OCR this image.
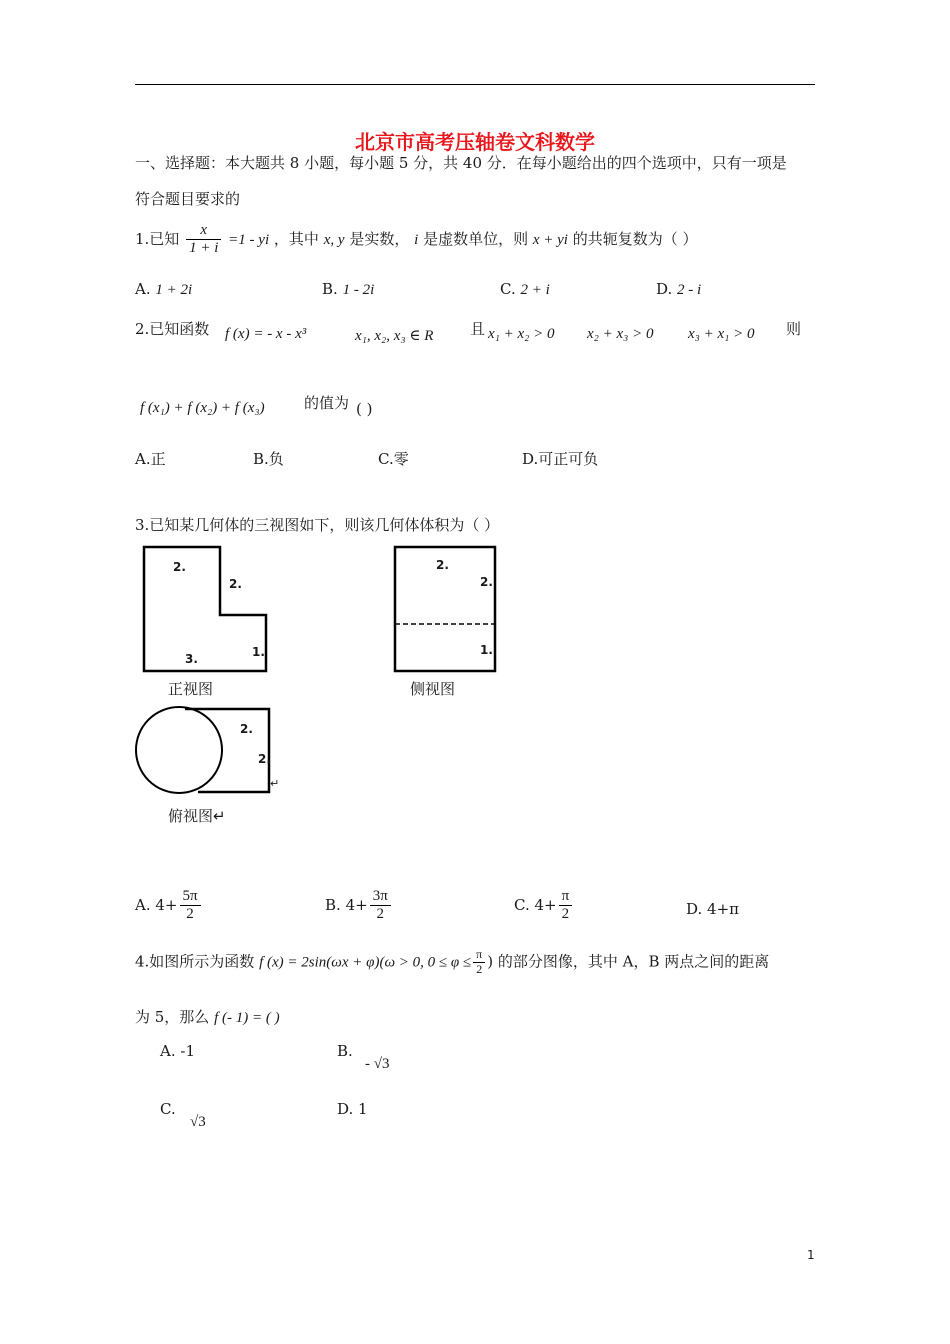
北京市高考压轴卷文科数学
一、选择题：本大题共 8 小题，每小题 5 分，共 40 分．在每小题给出的四个选项中，只有一项是
符合题目要求的
1.已知 $\frac{x}{1 + i} =1$ - yi ，其中 x, y 是实数， i 是虚数单位，则 x + yi 的共轭复数为（ ）
A. 1 + 2i	B. 1 - 2i	C. 2 + i	D. 2 - i
2.已知函数 f (x) = - x - x³	x₁, x₂, x₃ ∈ R 且 x₁ + x₂ > 0 x₂ + x₃ > 0 x₃ + x₁ > 0 则
f (x₁) + f (x₂) + f (x₃)	的值为 ( )
A.正	B.负	C.零	D.可正可负
3.已知某几何体的三视图如下，则该几何体体积为（ ）
2.
2.
1.
3.
正视图
2.
2.
1.
侧视图
2.
2.
↵
俯视图↵
A. $4+ \frac{5\pi}{2}$	B. $4+ \frac{3\pi}{2}$	C. $4+ \frac{\pi}{2}$	D. 4+π
4.如图所示为函数 f (x) = 2sin(ωx + φ)(ω > 0, $0 \le \varphi \le \frac{\pi}{2}$ ) 的部分图像，其中 A，B 两点之间的距离
为 5，那么 f (- 1) = ( )
A. -1	B.
- √3
C.
√3
D. 1
1
